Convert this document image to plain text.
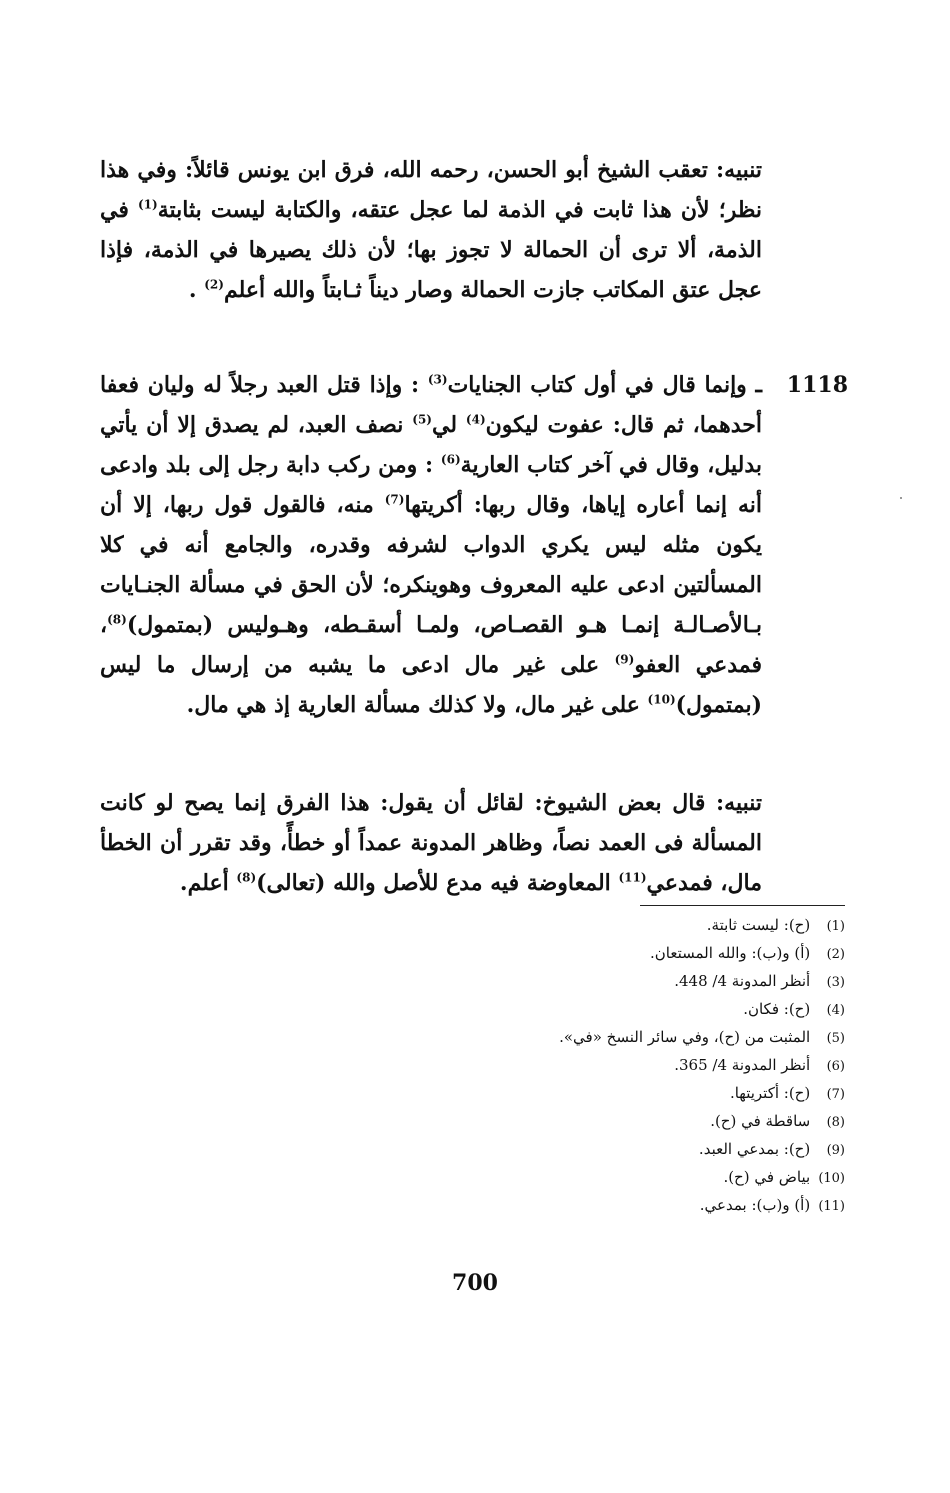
تنبيه: تعقب الشيخ أبو الحسن، رحمه الله، فرق ابن يونس قائلاً: وفي هذا نظر؛ لأن هذا ثابت في الذمة لما عجل عتقه، والكتابة ليست بثابتة$^{(1)}$ في الذمة، ألا ترى أن الحمالة لا تجوز بها؛ لأن ذلك يصيرها في الذمة، فإذا عجل عتق المكاتب جازت الحمالة وصار ديناً ثـابتاً والله أعلم$^{(2)}$ .
1118
ـ وإنما قال في أول كتاب الجنايات$^{(3)}$ : وإذا قتل العبد رجلاً له وليان فعفا أحدهما، ثم قال: عفوت ليكون$^{(4)}$ لي$^{(5)}$ نصف العبد، لم يصدق إلا أن يأتي بدليل، وقال في آخر كتاب العارية$^{(6)}$ : ومن ركب دابة رجل إلى بلد وادعى أنه إنما أعاره إياها، وقال ربها: أكريتها$^{(7)}$ منه، فالقول قول ربها، إلا أن يكون مثله ليس يكري الدواب لشرفه وقدره، والجامع أنه في كلا المسألتين ادعى عليه المعروف وهوينكره؛ لأن الحق في مسألة الجنـايات بـالأصـالـة إنمـا هـو القصـاص، ولمـا أسقـطه، وهـوليس (بمتمول)$^{(8)}$، فمدعي العفو$^{(9)}$ على غير مال ادعى ما يشبه من إرسال ما ليس (بمتمول)$^{(10)}$ على غير مال، ولا كذلك مسألة العارية إذ هي مال.
تنبيه: قال بعض الشيوخ: لقائل أن يقول: هذا الفرق إنما يصح لو كانت المسألة فى العمد نصاً، وظاهر المدونة عمداً أو خطأً، وقد تقرر أن الخطأ مال، فمدعي$^{(11)}$ المعاوضة فيه مدع للأصل والله (تعالى)$^{(8)}$ أعلم.
(1) (ح): ليست ثابتة.
(2) (أ) و(ب): والله المستعان.
(3) أنظر المدونة 4/ 448.
(4) (ح): فكان.
(5) المثبت من (ح)، وفي سائر النسخ «في».
(6) أنظر المدونة 4/ 365.
(7) (ح): أكتريتها.
(8) ساقطة في (ح).
(9) (ح): بمدعي العبد.
(10) بياض في (ح).
(11) (أ) و(ب): بمدعي.
700
